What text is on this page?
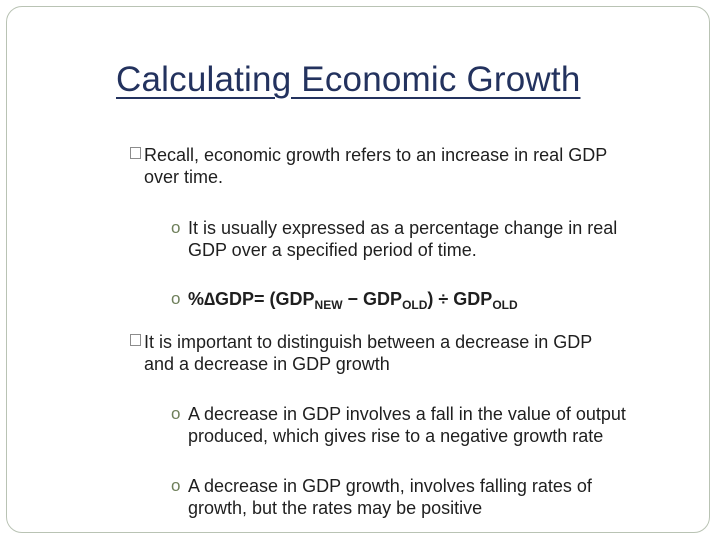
Calculating Economic Growth
Recall, economic growth refers to an increase in real GDP
over time.
o It is usually expressed as a percentage change in real
GDP over a specified period of time.
o $\%\Delta GDP= (GDP_{NEW} - GDP_{OLD}) \div GDP_{OLD}$
It is important to distinguish between a decrease in GDP
and a decrease in GDP growth
o A decrease in GDP involves a fall in the value of output
produced, which gives rise to a negative growth rate
o A decrease in GDP growth, involves falling rates of
growth, but the rates may be positive
